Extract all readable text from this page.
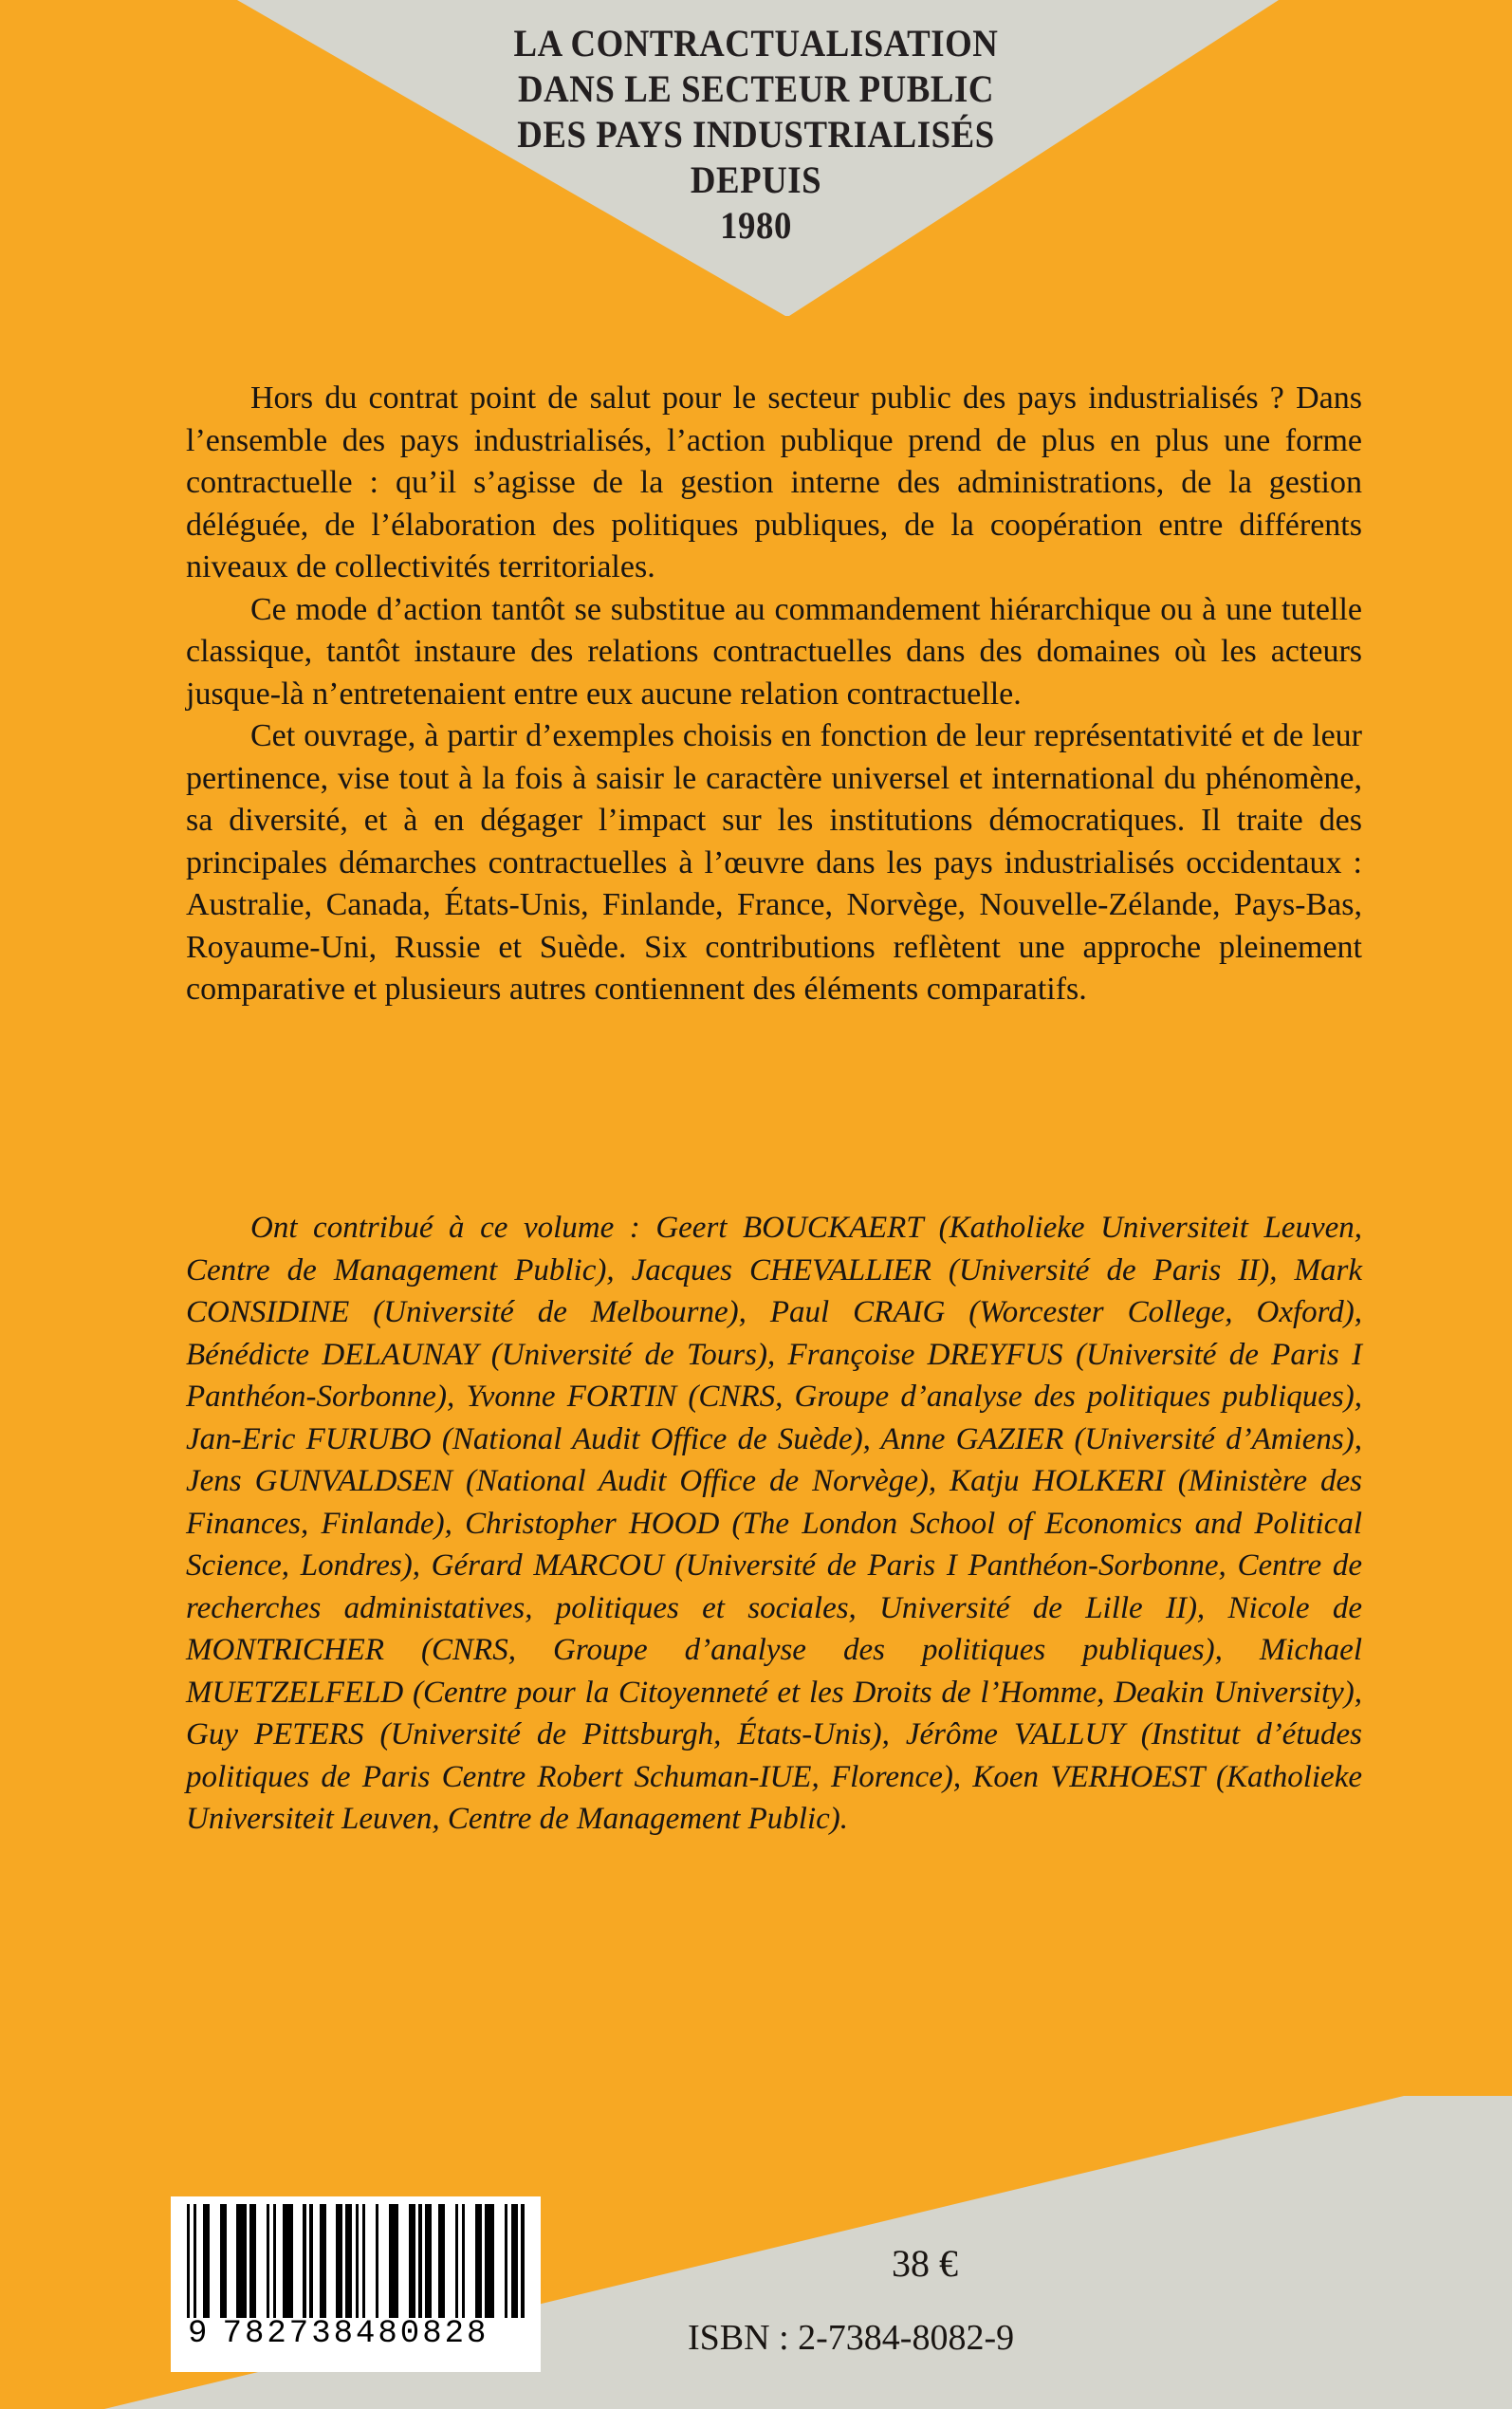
LA CONTRACTUALISATION
DANS LE SECTEUR PUBLIC
DES PAYS INDUSTRIALISÉS
DEPUIS
1980

Hors du contrat point de salut pour le secteur public des pays industrialisés ? Dans l’ensemble des pays industrialisés, l’action publique prend de plus en plus une forme contractuelle : qu’il s’agisse de la gestion interne des administrations, de la gestion déléguée, de l’élaboration des politiques publiques, de la coopération entre différents niveaux de collectivités territoriales.

Ce mode d’action tantôt se substitue au commandement hiérarchique ou à une tutelle classique, tantôt instaure des relations contractuelles dans des domaines où les acteurs jusque-là n’entretenaient entre eux aucune relation contractuelle.

Cet ouvrage, à partir d’exemples choisis en fonction de leur représentativité et de leur pertinence, vise tout à la fois à saisir le caractère universel et international du phénomène, sa diversité, et à en dégager l’impact sur les institutions démocratiques. Il traite des principales démarches contractuelles à l’œuvre dans les pays industrialisés occidentaux : Australie, Canada, États-Unis, Finlande, France, Norvège, Nouvelle-Zélande, Pays-Bas, Royaume-Uni, Russie et Suède. Six contributions reflètent une approche pleinement comparative et plusieurs autres contiennent des éléments comparatifs.

Ont contribué à ce volume : Geert BOUCKAERT (Katholieke Universiteit Leuven, Centre de Management Public), Jacques CHEVALLIER (Université de Paris II), Mark CONSIDINE (Université de Melbourne), Paul CRAIG (Worcester College, Oxford), Bénédicte DELAUNAY (Université de Tours), Françoise DREYFUS (Université de Paris I Panthéon-Sorbonne), Yvonne FORTIN (CNRS, Groupe d’analyse des politiques publiques), Jan-Eric FURUBO (National Audit Office de Suède), Anne GAZIER (Université d’Amiens), Jens GUNVALDSEN (National Audit Office de Norvège), Katju HOLKERI (Ministère des Finances, Finlande), Christopher HOOD (The London School of Economics and Political Science, Londres), Gérard MARCOU (Université de Paris I Panthéon-Sorbonne, Centre de recherches administatives, politiques et sociales, Université de Lille II), Nicole de MONTRICHER (CNRS, Groupe d’analyse des politiques publiques), Michael MUETZELFELD (Centre pour la Citoyenneté et les Droits de l’Homme, Deakin University), Guy PETERS (Université de Pittsburgh, États-Unis), Jérôme VALLUY (Institut d’études politiques de Paris Centre Robert Schuman-IUE, Florence), Koen VERHOEST (Katholieke Universiteit Leuven, Centre de Management Public).

9 782738480828
38 €
ISBN : 2-7384-8082-9
